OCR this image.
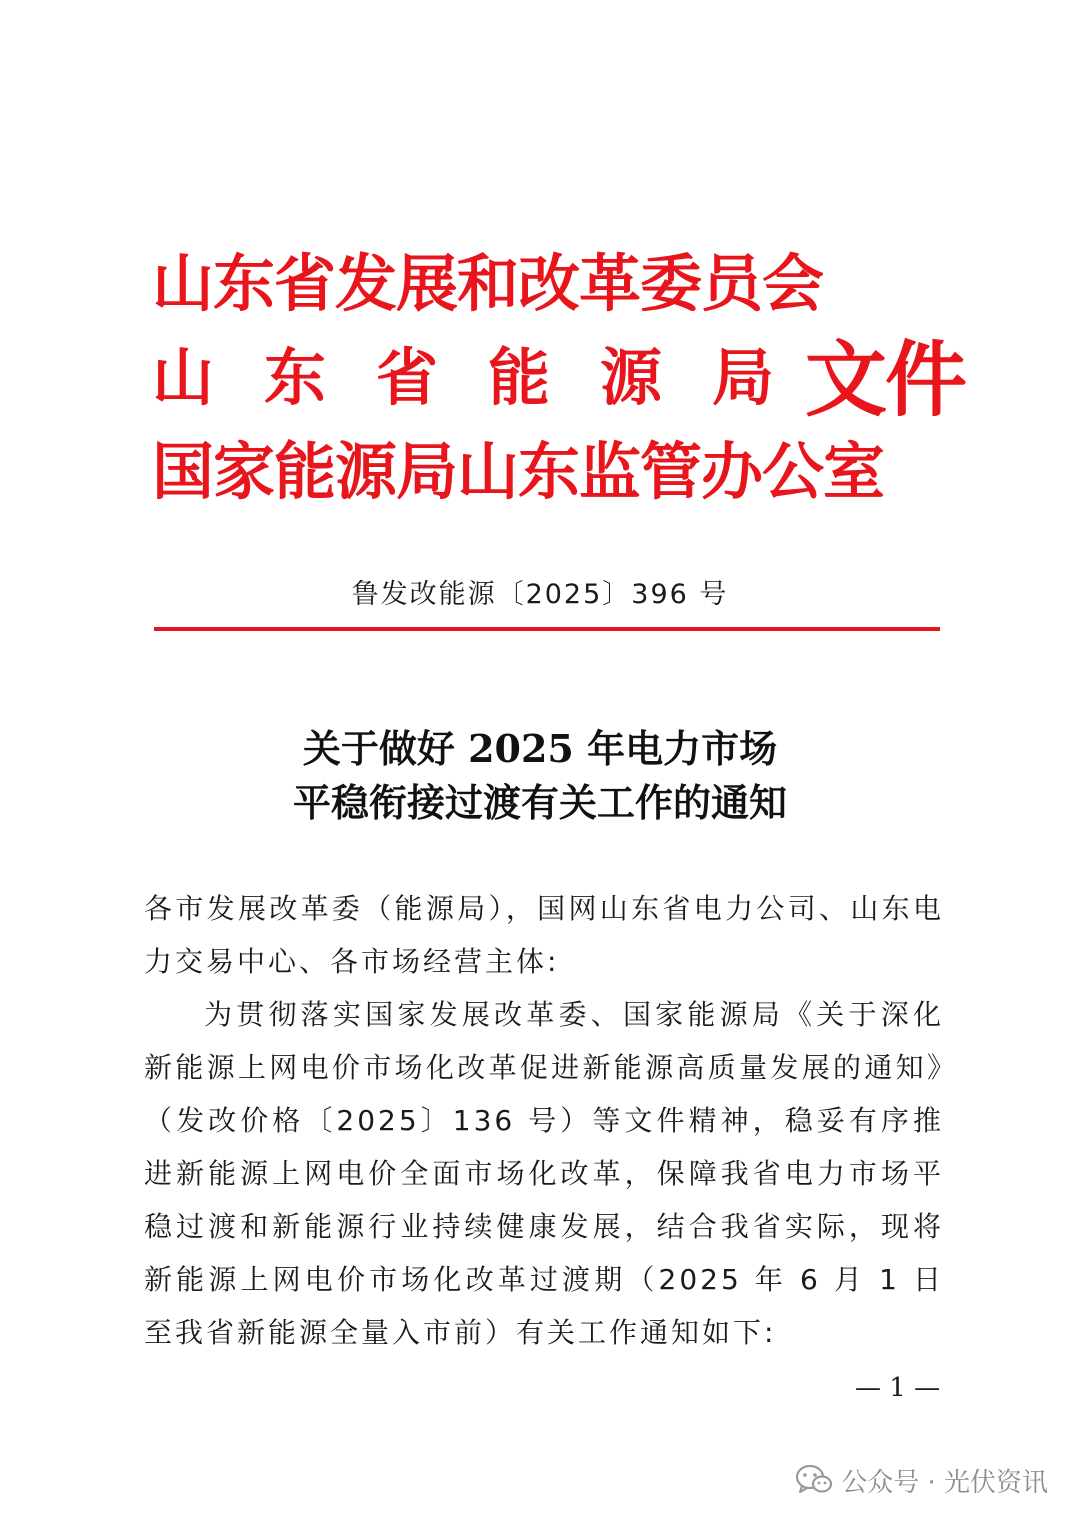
山东省发展和改革委员会
山东省能源局
国家能源局山东监管办公室
文件
鲁发改能源〔2025〕396 号
关于做好 2025 年电力市场
平稳衔接过渡有关工作的通知

各市发展改革委（能源局），国网山东省电力公司、山东电力交易中心、各市场经营主体:

为贯彻落实国家发展改革委、国家能源局《关于深化新能源上网电价市场化改革促进新能源高质量发展的通知》（发改价格〔2025〕136 号）等文件精神，稳妥有序推进新能源上网电价全面市场化改革，保障我省电力市场平稳过渡和新能源行业持续健康发展，结合我省实际，现将新能源上网电价市场化改革过渡期（2025 年 6 月 1 日至我省新能源全量入市前）有关工作通知如下:

— 1 —
公众号 · 光伏资讯
